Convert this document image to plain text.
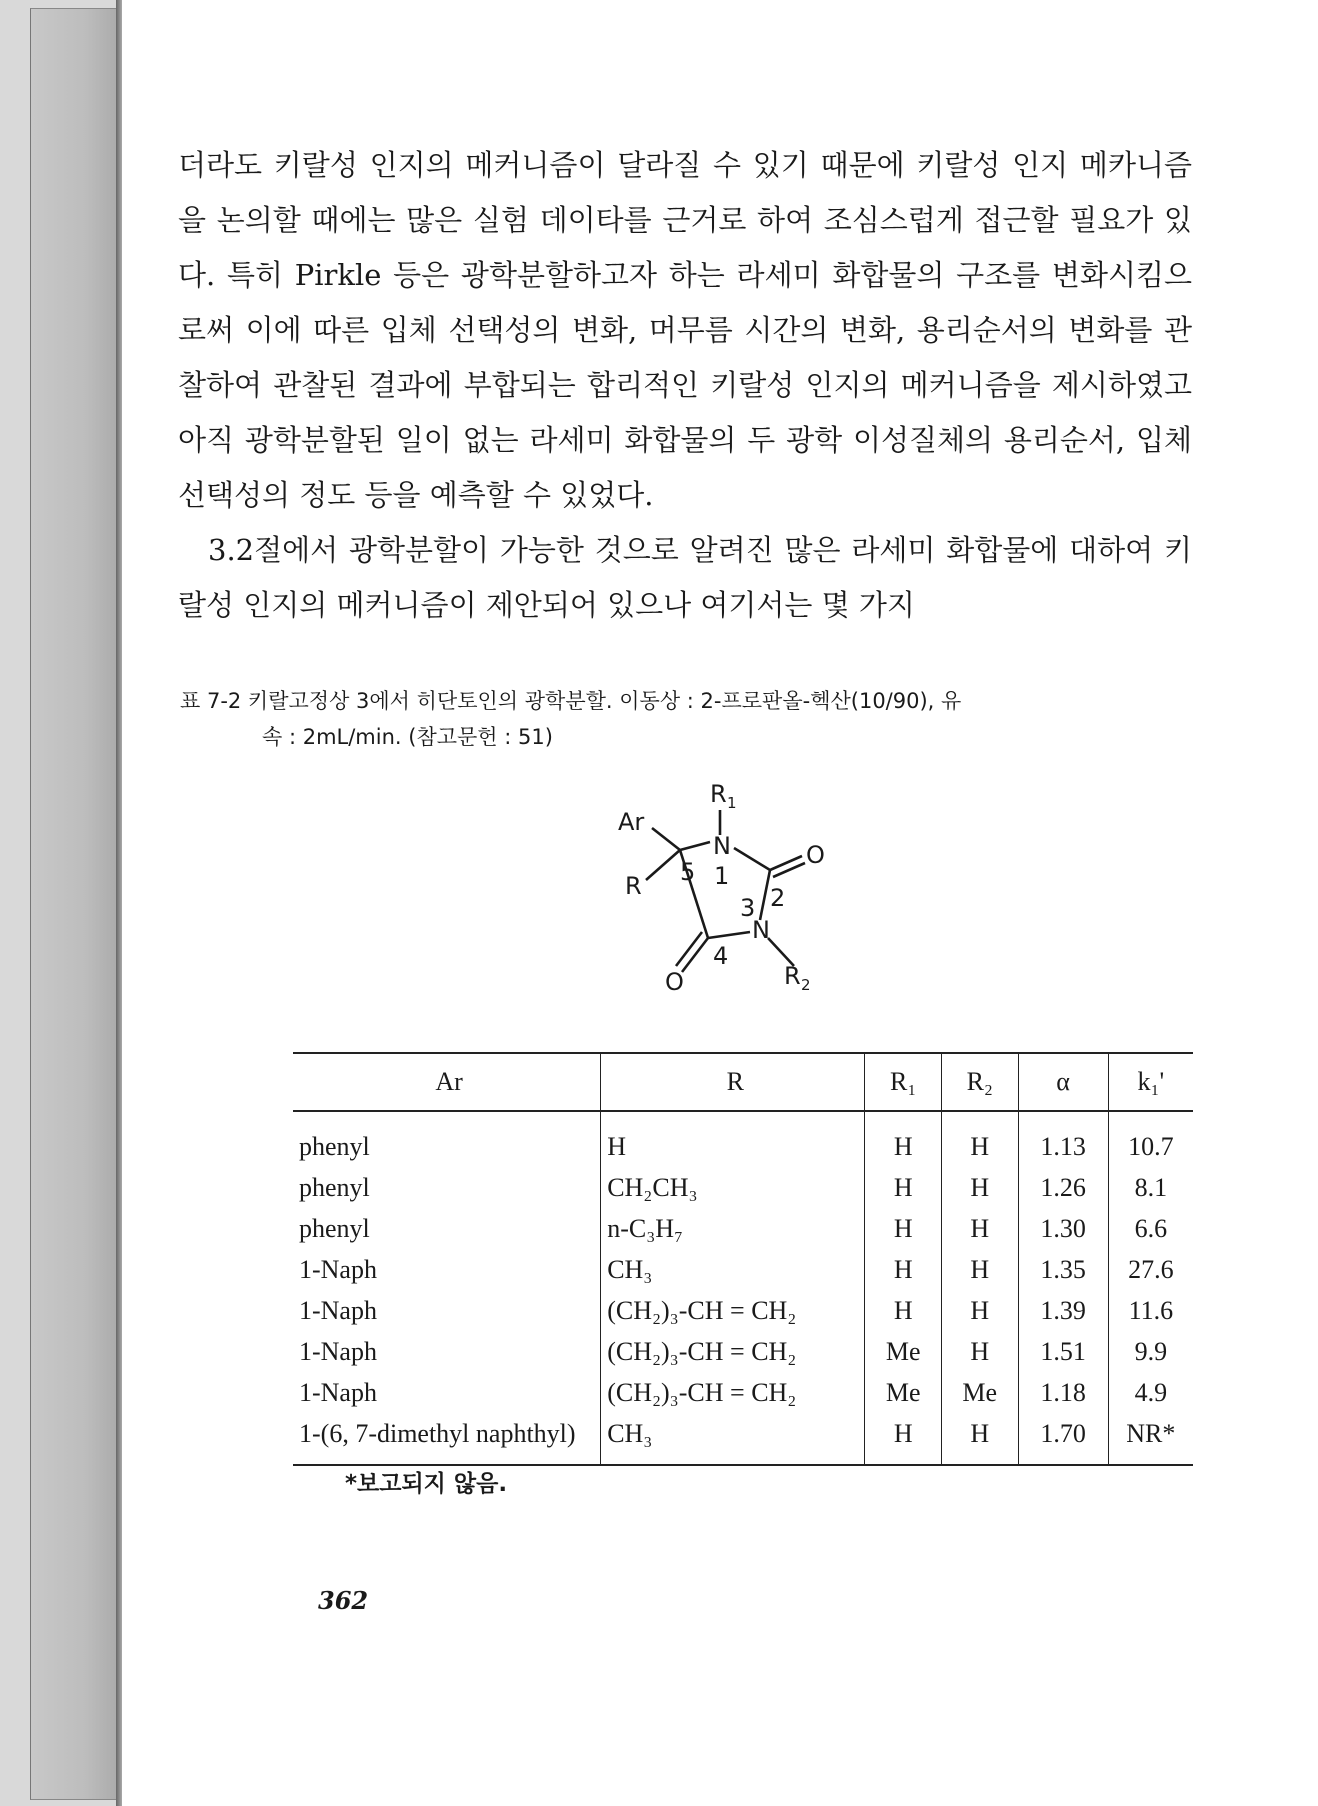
더라도 키랄성 인지의 메커니즘이 달라질 수 있기 때문에 키랄성 인지 메카니즘을 논의할 때에는 많은 실험 데이타를 근거로 하여 조심스럽게 접근할 필요가 있다. 특히 Pirkle 등은 광학분할하고자 하는 라세미 화합물의 구조를 변화시킴으로써 이에 따른 입체 선택성의 변화, 머무름 시간의 변화, 용리순서의 변화를 관찰하여 관찰된 결과에 부합되는 합리적인 키랄성 인지의 메커니즘을 제시하였고 아직 광학분할된 일이 없는 라세미 화합물의 두 광학 이성질체의 용리순서, 입체 선택성의 정도 등을 예측할 수 있었다.

3.2절에서 광학분할이 가능한 것으로 알려진 많은 라세미 화합물에 대하여 키랄성 인지의 메커니즘이 제안되어 있으나 여기서는 몇 가지

표 7-2 키랄고정상 3에서 히단토인의 광학분할. 이동상 : 2-프로판올-헥산(10/90), 유
속 : 2mL/min. (참고문헌 : 51)
R 1
Ar
N	O
N
R
O	R 2
1
2
3
4
5
Ar	R	R₁	R₂	α	k₁'
phenyl	H	H	H	1.13	10.7
phenyl	CH₂CH₃	H	H	1.26	8.1
phenyl	n-C₃H₇	H	H	1.30	6.6
1-Naph	CH₃	H	H	1.35	27.6
1-Naph	(CH₂)₃-CH = CH₂	H	H	1.39	11.6
1-Naph	(CH₂)₃-CH = CH₂	Me	H	1.51	9.9
1-Naph	(CH₂)₃-CH = CH₂	Me	Me	1.18	4.9
1-(6, 7-dimethyl naphthyl)	CH₃	H	H	1.70	NR*
*보고되지 않음.
362
